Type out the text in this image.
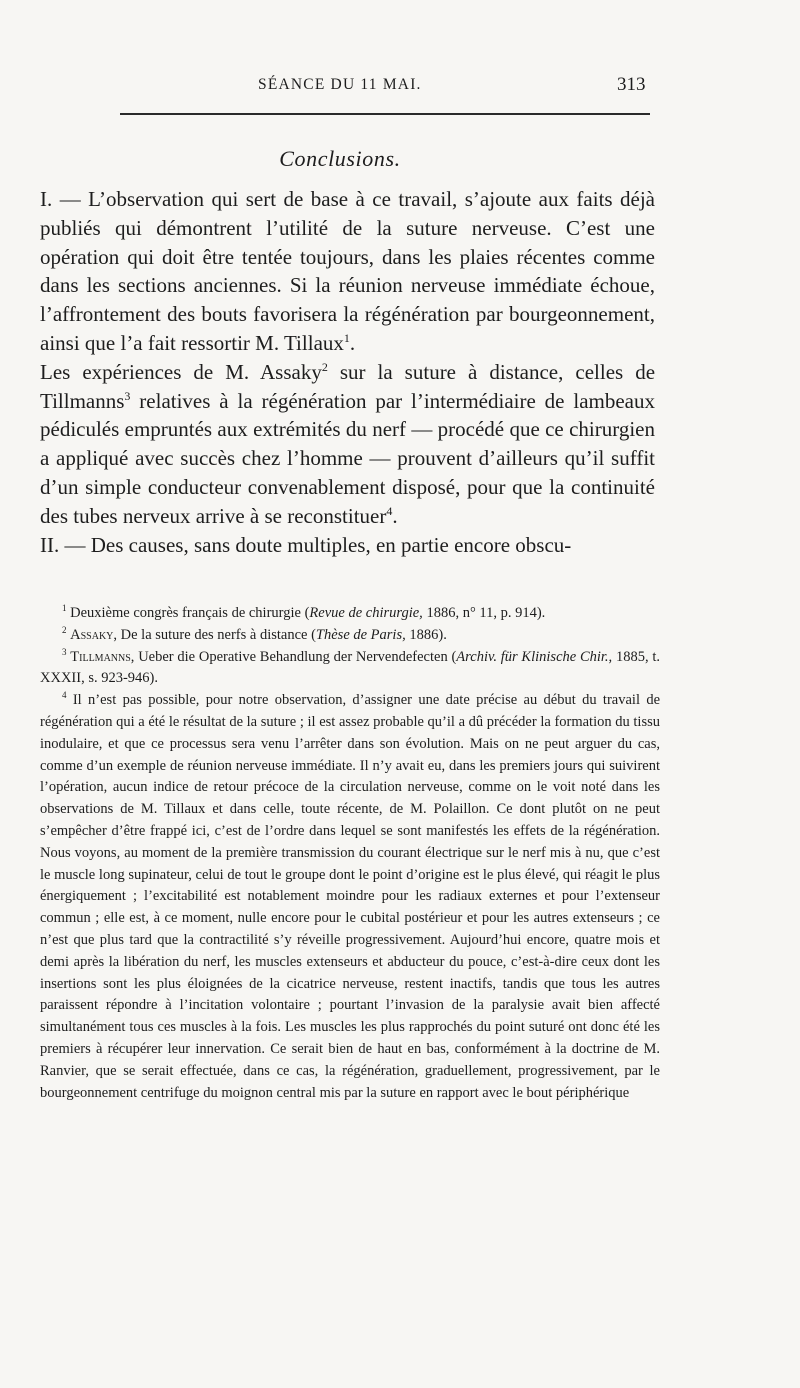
SÉANCE DU 11 MAI.	313
Conclusions.

I. — L’observation qui sert de base à ce travail, s’ajoute aux faits déjà publiés qui démontrent l’utilité de la suture nerveuse. C’est une opération qui doit être tentée toujours, dans les plaies récentes comme dans les sections anciennes. Si la réunion nerveuse immédiate échoue, l’affrontement des bouts favorisera la régénération par bourgeonnement, ainsi que l’a fait ressortir M. Tillaux$^1$.

Les expériences de M. Assaky$^2$ sur la suture à distance, celles de Tillmanns$^3$ relatives à la régénération par l’intermédiaire de lambeaux pédiculés empruntés aux extrémités du nerf — procédé que ce chirurgien a appliqué avec succès chez l’homme — prouvent d’ailleurs qu’il suffit d’un simple conducteur convenablement disposé, pour que la continuité des tubes nerveux arrive à se reconstituer$^4$.

II. — Des causes, sans doute multiples, en partie encore obscu-

$^1$ Deuxième congrès français de chirurgie (Revue de chirurgie, 1886, n° 11, p. 914).

$^2$ Assaky, De la suture des nerfs à distance (Thèse de Paris, 1886).

$^3$ Tillmanns, Ueber die Operative Behandlung der Nervendefecten (Archiv. für Klinische Chir., 1885, t. XXXII, s. 923-946).

$^4$ Il n’est pas possible, pour notre observation, d’assigner une date précise au début du travail de régénération qui a été le résultat de la suture ; il est assez probable qu’il a dû précéder la formation du tissu inodulaire, et que ce processus sera venu l’arrêter dans son évolution. Mais on ne peut arguer du cas, comme d’un exemple de réunion nerveuse immédiate. Il n’y avait eu, dans les premiers jours qui suivirent l’opération, aucun indice de retour précoce de la circulation nerveuse, comme on le voit noté dans les observations de M. Tillaux et dans celle, toute récente, de M. Polaillon. Ce dont plutôt on ne peut s’empêcher d’être frappé ici, c’est de l’ordre dans lequel se sont manifestés les effets de la régénération. Nous voyons, au moment de la première transmission du courant électrique sur le nerf mis à nu, que c’est le muscle long supinateur, celui de tout le groupe dont le point d’origine est le plus élevé, qui réagit le plus énergiquement ; l’excitabilité est notablement moindre pour les radiaux externes et pour l’extenseur commun ; elle est, à ce moment, nulle encore pour le cubital postérieur et pour les autres extenseurs ; ce n’est que plus tard que la contractilité s’y réveille progressivement. Aujourd’hui encore, quatre mois et demi après la libération du nerf, les muscles extenseurs et abducteur du pouce, c’est-à-dire ceux dont les insertions sont les plus éloignées de la cicatrice nerveuse, restent inactifs, tandis que tous les autres paraissent répondre à l’incitation volontaire ; pourtant l’invasion de la paralysie avait bien affecté simultanément tous ces muscles à la fois. Les muscles les plus rapprochés du point suturé ont donc été les premiers à récupérer leur innervation. Ce serait bien de haut en bas, conformément à la doctrine de M. Ranvier, que se serait effectuée, dans ce cas, la régénération, graduellement, progressivement, par le bourgeonnement centrifuge du moignon central mis par la suture en rapport avec le bout périphérique
